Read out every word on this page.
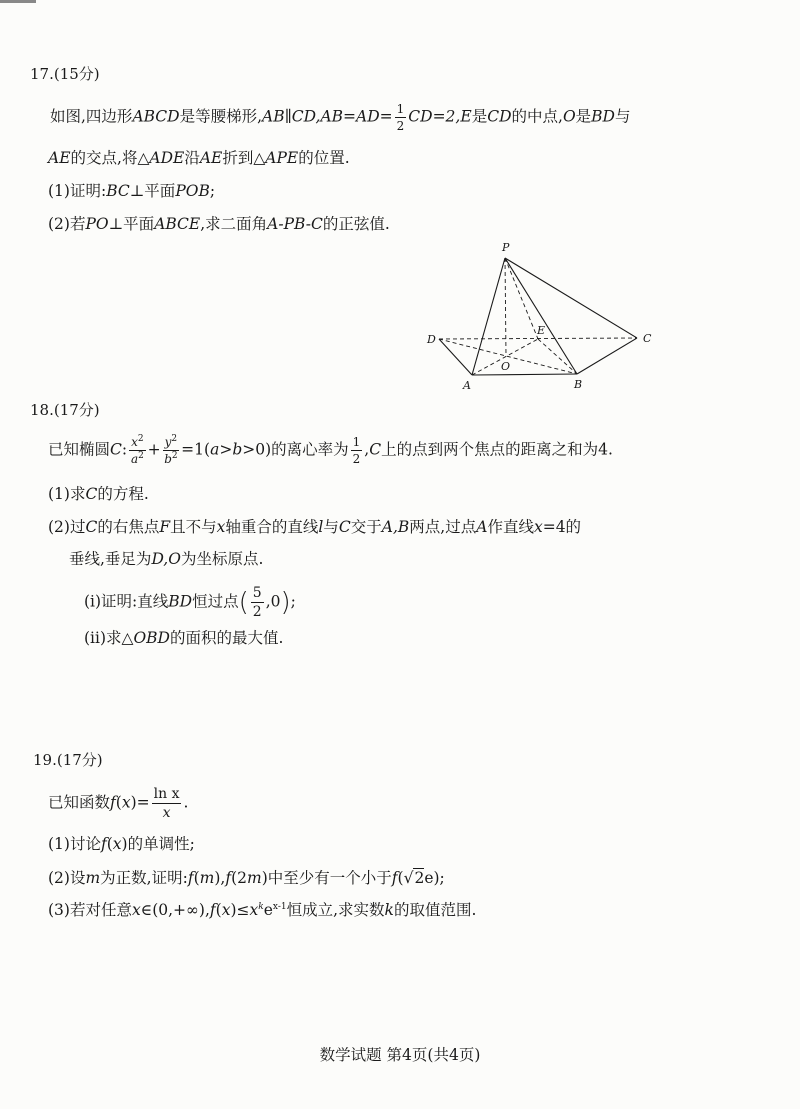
17.(15分)
如图,四边形ABCD是等腰梯形,AB∥CD,AB=AD= $\frac{1}{2} CD=2,E$是CD的中点,O是BD与
AE的交点,将△ADE沿AE折到△APE的位置.
(1)证明:BC⊥平面POB;
(2)若PO⊥平面ABCE,求二面角A-PB-C的正弦值.
P
E
D	C
O
A	B
18.(17分)
已知椭圆C: $\frac{x^2}{a^2} + \frac{y^2}{b^2} =1(a>b>0)$的离心率为 $\frac{1}{2} ,C$上的点到两个焦点的距离之和为4.
(1)求C的方程.
(2)过C的右焦点F且不与x轴重合的直线l与C交于A,B两点,过点A作直线x=4的
垂线,垂足为D,O为坐标原点.
(ⅰ)证明:直线BD恒过点( $\frac{5}{2} ,0$);
(ⅱ)求△OBD的面积的最大值.
19.(17分)
已知函数$f(x)= \frac{\text{ln x}}{x}$ .
(1)讨论f(x)的单调性;
(2)设m为正数,证明:f(m),f(2m)中至少有一个小于f(√2e);
(3)若对任意$x\in(0,+\infty),f(x)\le x^ke^{x-1}$恒成立,求实数k的取值范围.
数学试题 第4页(共4页)
